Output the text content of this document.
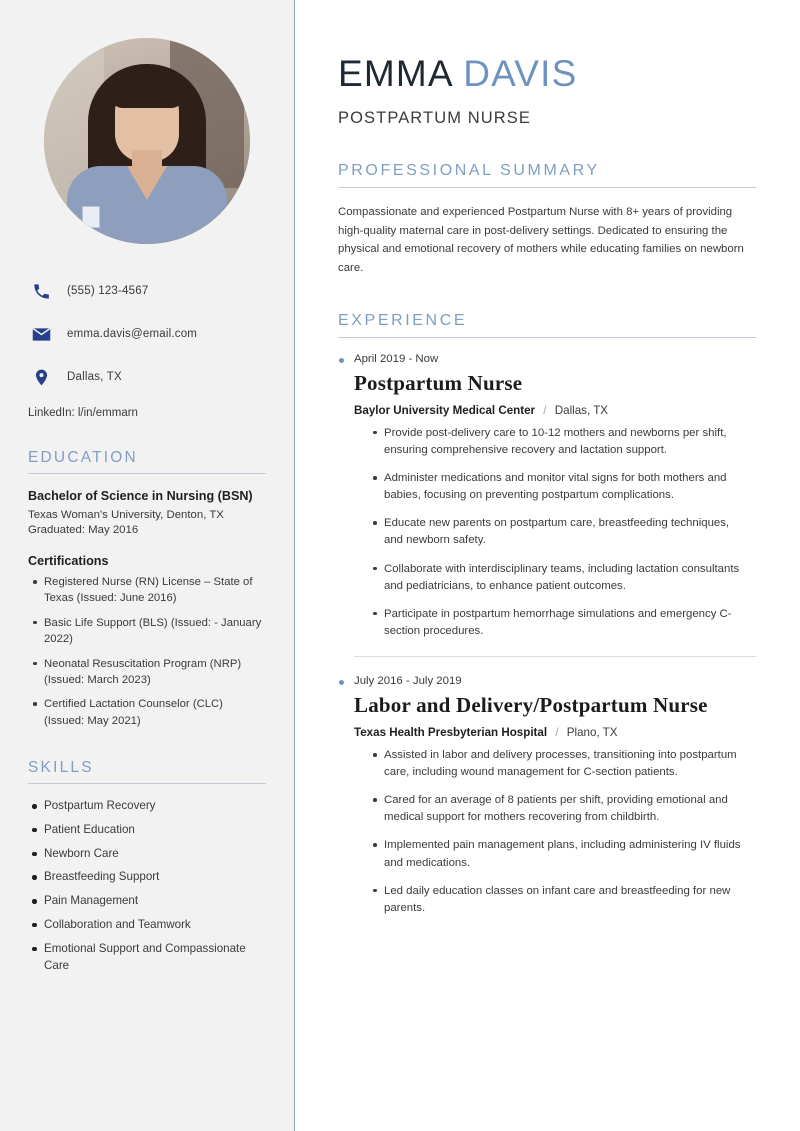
(555) 123-4567
emma.davis@email.com
Dallas, TX
LinkedIn: l/in/emmarn
EDUCATION
Bachelor of Science in Nursing (BSN)
Texas Woman's University, Denton, TX
Graduated: May 2016
Certifications
Registered Nurse (RN) License – State of Texas (Issued: June 2016)
Basic Life Support (BLS) (Issued: - January 2022)
Neonatal Resuscitation Program (NRP) (Issued: March 2023)
Certified Lactation Counselor (CLC) (Issued: May 2021)
SKILLS
Postpartum Recovery
Patient Education
Newborn Care
Breastfeeding Support
Pain Management
Collaboration and Teamwork
Emotional Support and Compassionate Care
EMMA DAVIS
POSTPARTUM NURSE
PROFESSIONAL SUMMARY

Compassionate and experienced Postpartum Nurse with 8+ years of providing high-quality maternal care in post-delivery settings. Dedicated to ensuring the physical and emotional recovery of mothers while educating families on newborn care.

EXPERIENCE
April 2019 - Now
Postpartum Nurse
Baylor University Medical Center / Dallas, TX
Provide post-delivery care to 10-12 mothers and newborns per shift, ensuring comprehensive recovery and lactation support.
Administer medications and monitor vital signs for both mothers and babies, focusing on preventing postpartum complications.
Educate new parents on postpartum care, breastfeeding techniques, and newborn safety.
Collaborate with interdisciplinary teams, including lactation consultants and pediatricians, to enhance patient outcomes.
Participate in postpartum hemorrhage simulations and emergency C-section procedures.
July 2016 - July 2019
Labor and Delivery/Postpartum Nurse
Texas Health Presbyterian Hospital / Plano, TX
Assisted in labor and delivery processes, transitioning into postpartum care, including wound management for C-section patients.
Cared for an average of 8 patients per shift, providing emotional and medical support for mothers recovering from childbirth.
Implemented pain management plans, including administering IV fluids and medications.
Led daily education classes on infant care and breastfeeding for new parents.
